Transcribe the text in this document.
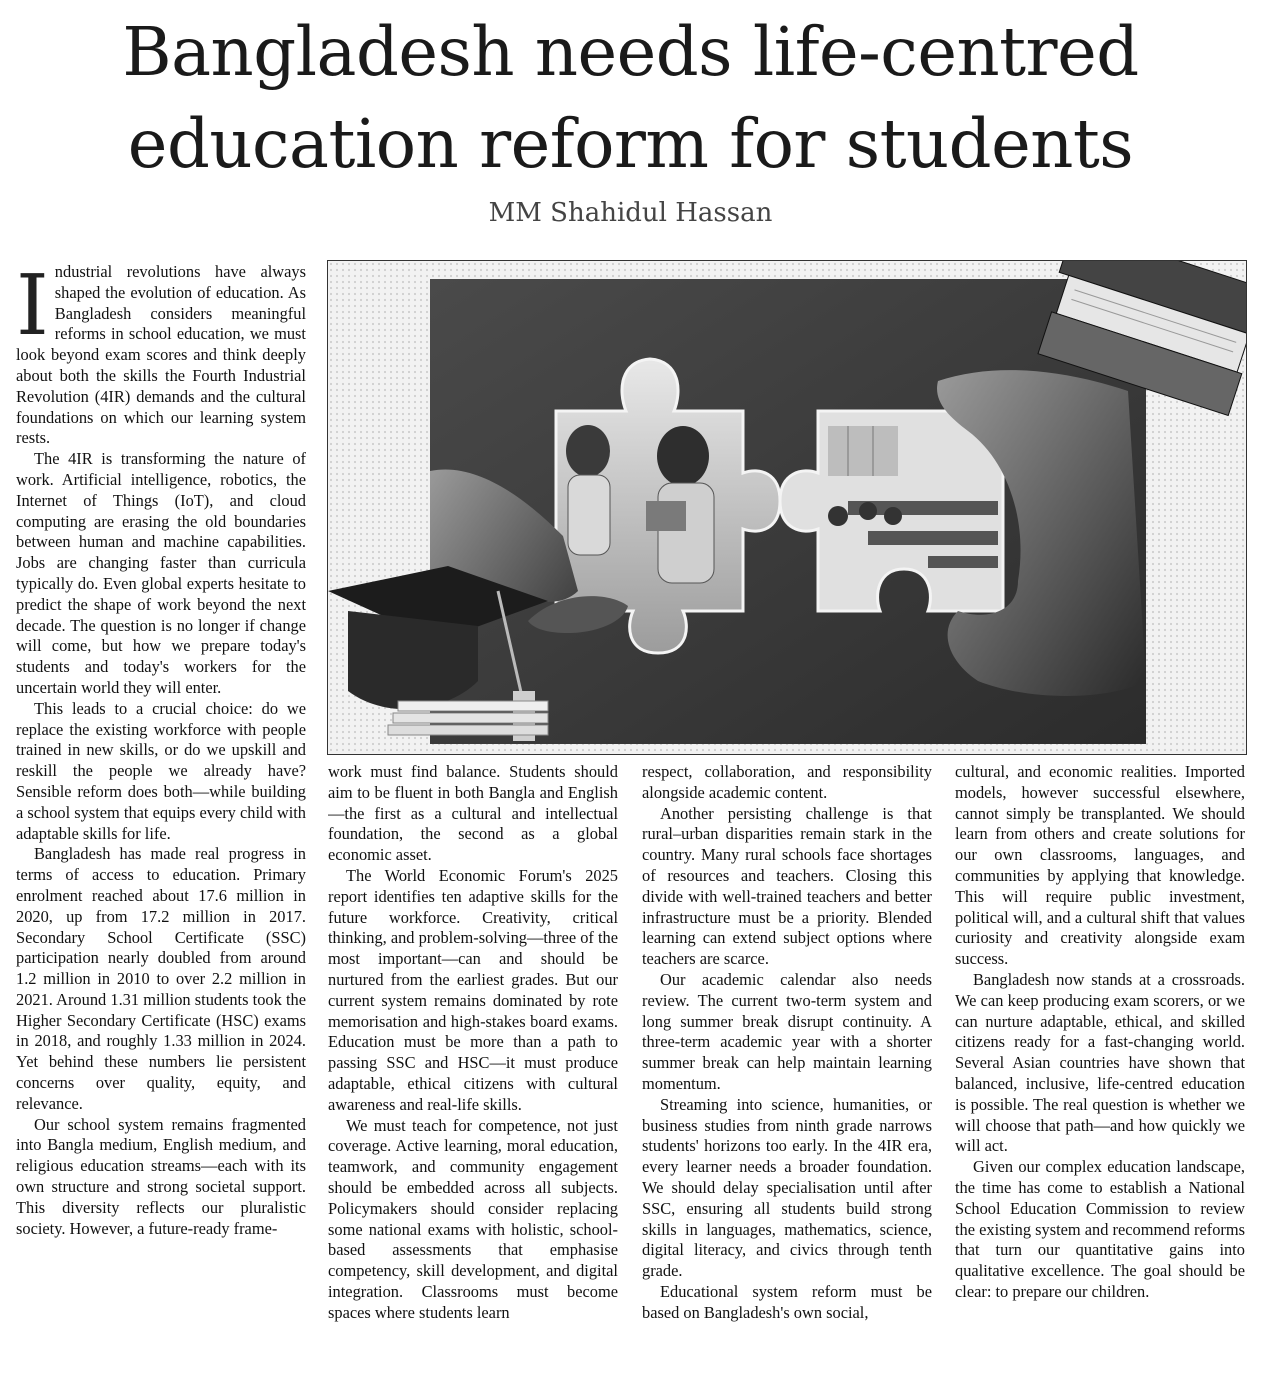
Bangladesh needs life-centred
education reform for students
MM Shahidul Hassan

Industrial revolutions have always shaped the evolution of education. As Bangladesh considers meaningful reforms in school education, we must look beyond exam scores and think deeply about both the skills the Fourth Industrial Revolution (4IR) demands and the cultural foundations on which our learning system rests.

The 4IR is transforming the nature of work. Artificial intelligence, robotics, the Internet of Things (IoT), and cloud computing are erasing the old boundaries between human and machine capabilities. Jobs are changing faster than curricula typically do. Even global experts hesitate to predict the shape of work beyond the next decade. The question is no longer if change will come, but how we prepare today's students and today's workers for the uncertain world they will enter.

This leads to a crucial choice: do we replace the existing workforce with people trained in new skills, or do we upskill and reskill the people we already have? Sensible reform does both—while building a school system that equips every child with adaptable skills for life.

Bangladesh has made real progress in terms of access to education. Primary enrolment reached about 17.6 million in 2020, up from 17.2 million in 2017. Secondary School Certificate (SSC) participation nearly doubled from around 1.2 million in 2010 to over 2.2 million in 2021. Around 1.31 million students took the Higher Secondary Certificate (HSC) exams in 2018, and roughly 1.33 million in 2024. Yet behind these numbers lie persistent concerns over quality, equity, and relevance.

Our school system remains fragmented into Bangla medium, English medium, and religious education streams—each with its own structure and strong societal support. This diversity reflects our pluralistic society. However, a future-ready frame-

work must find balance. Students should aim to be fluent in both Bangla and English—the first as a cultural and intellectual foundation, the second as a global economic asset.

The World Economic Forum's 2025 report identifies ten adaptive skills for the future workforce. Creativity, critical thinking, and problem-solving—three of the most important—can and should be nurtured from the earliest grades. But our current system remains dominated by rote memorisation and high-stakes board exams. Education must be more than a path to passing SSC and HSC—it must produce adaptable, ethical citizens with cultural awareness and real-life skills.

We must teach for competence, not just coverage. Active learning, moral education, teamwork, and community engagement should be embedded across all subjects. Policymakers should consider replacing some national exams with holistic, school-based assessments that emphasise competency, skill development, and digital integration. Classrooms must become spaces where students learn

respect, collaboration, and responsibility alongside academic content.

Another persisting challenge is that rural–urban disparities remain stark in the country. Many rural schools face shortages of resources and teachers. Closing this divide with well-trained teachers and better infrastructure must be a priority. Blended learning can extend subject options where teachers are scarce.

Our academic calendar also needs review. The current two-term system and long summer break disrupt continuity. A three-term academic year with a shorter summer break can help maintain learning momentum.

Streaming into science, humanities, or business studies from ninth grade narrows students' horizons too early. In the 4IR era, every learner needs a broader foundation. We should delay specialisation until after SSC, ensuring all students build strong skills in languages, mathematics, science, digital literacy, and civics through tenth grade.

Educational system reform must be based on Bangladesh's own social,

cultural, and economic realities. Imported models, however successful elsewhere, cannot simply be transplanted. We should learn from others and create solutions for our own classrooms, languages, and communities by applying that knowledge. This will require public investment, political will, and a cultural shift that values curiosity and creativity alongside exam success.

Bangladesh now stands at a crossroads. We can keep producing exam scorers, or we can nurture adaptable, ethical, and skilled citizens ready for a fast-changing world. Several Asian countries have shown that balanced, inclusive, life-centred education is possible. The real question is whether we will choose that path—and how quickly we will act.

Given our complex education landscape, the time has come to establish a National School Education Commission to review the existing system and recommend reforms that turn our quantitative gains into qualitative excellence. The goal should be clear: to prepare our children.
